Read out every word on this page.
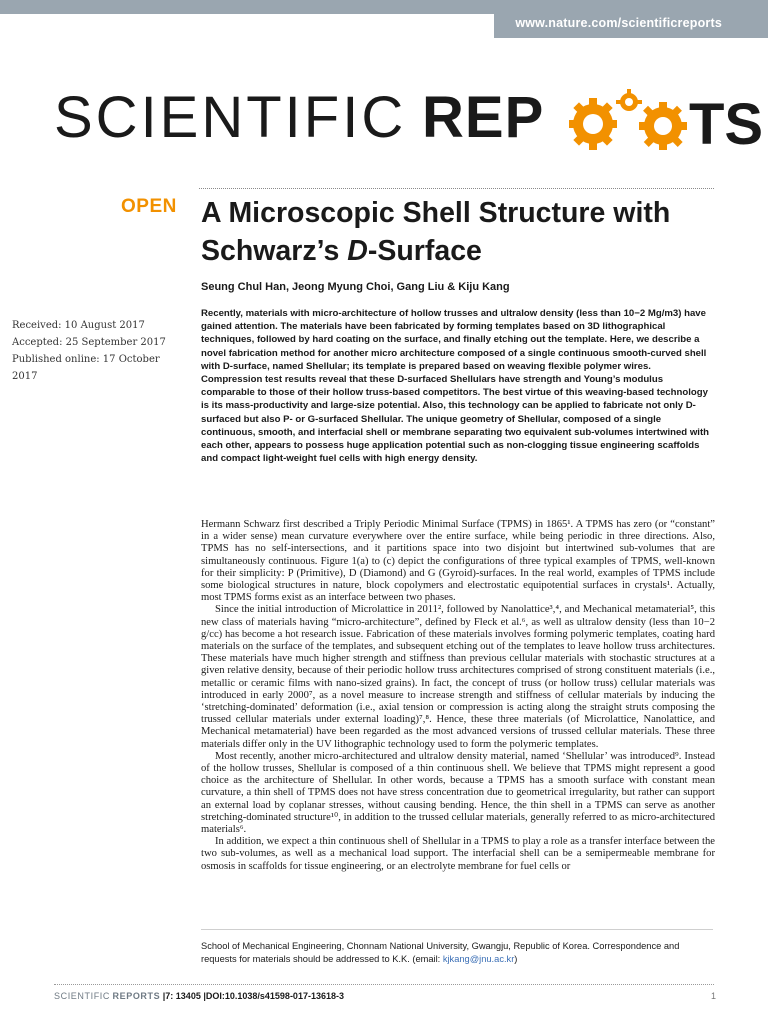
www.nature.com/scientificreports
SCIENTIFIC REP	TS
OPEN A Microscopic Shell Structure with
Schwarz’s D-Surface
Seung Chul Han, Jeong Myung Choi, Gang Liu & Kiju Kang
Received: 10 August 2017
Accepted: 25 September 2017
Published online: 17 October 2017
Recently, materials with micro-architecture of hollow trusses and ultralow density (less than 10−2 Mg/m3) have gained attention. The materials have been fabricated by forming templates based on 3D lithographical techniques, followed by hard coating on the surface, and finally etching out the template. Here, we describe a novel fabrication method for another micro architecture composed of a single continuous smooth-curved shell with D-surface, named Shellular; its template is prepared based on weaving flexible polymer wires. Compression test results reveal that these D-surfaced Shellulars have strength and Young’s modulus comparable to those of their hollow truss-based competitors. The best virtue of this weaving-based technology is its mass-productivity and large-size potential. Also, this technology can be applied to fabricate not only D-surfaced but also P- or G-surfaced Shellular. The unique geometry of Shellular, composed of a single continuous, smooth, and interfacial shell or membrane separating two equivalent sub-volumes intertwined with each other, appears to possess huge application potential such as non-clogging tissue engineering scaffolds and compact light-weight fuel cells with high energy density.

Hermann Schwarz first described a Triply Periodic Minimal Surface (TPMS) in 1865¹. A TPMS has zero (or “constant” in a wider sense) mean curvature everywhere over the entire surface, while being periodic in three directions. Also, TPMS has no self-intersections, and it partitions space into two disjoint but intertwined sub-volumes that are simultaneously continuous. Figure 1(a) to (c) depict the configurations of three typical examples of TPMS, well-known for their simplicity: P (Primitive), D (Diamond) and G (Gyroid)-surfaces. In the real world, examples of TPMS include some biological structures in nature, block copolymers and electrostatic equipotential surfaces in crystals¹. Actually, most TPMS forms exist as an interface between two phases.

Since the initial introduction of Microlattice in 2011², followed by Nanolattice³,⁴, and Mechanical metamaterial⁵, this new class of materials having “micro-architecture”, defined by Fleck et al.⁶, as well as ultralow density (less than 10−2 g/cc) has become a hot research issue. Fabrication of these materials involves forming polymeric templates, coating hard materials on the surface of the templates, and subsequent etching out of the templates to leave hollow truss architectures. These materials have much higher strength and stiffness than previous cellular materials with stochastic structures at a given relative density, because of their periodic hollow truss architectures comprised of strong constituent materials (i.e., metallic or ceramic films with nano-sized grains). In fact, the concept of truss (or hollow truss) cellular materials was introduced in early 2000⁷, as a novel measure to increase strength and stiffness of cellular materials by inducing the ‘stretching-dominated’ deformation (i.e., axial tension or compression is acting along the straight struts composing the trussed cellular materials under external loading)⁷,⁸. Hence, these three materials (of Microlattice, Nanolattice, and Mechanical metamaterial) have been regarded as the most advanced versions of trussed cellular materials. These three materials differ only in the UV lithographic technology used to form the polymeric templates.

Most recently, another micro-architectured and ultralow density material, named ‘Shellular’ was introduced⁹. Instead of the hollow trusses, Shellular is composed of a thin continuous shell. We believe that TPMS might represent a good choice as the architecture of Shellular. In other words, because a TPMS has a smooth surface with constant mean curvature, a thin shell of TPMS does not have stress concentration due to geometrical irregularity, but rather can support an external load by coplanar stresses, without causing bending. Hence, the thin shell in a TPMS can serve as another stretching-dominated structure¹⁰, in addition to the trussed cellular materials, generally referred to as micro-architectured materials⁶.

In addition, we expect a thin continuous shell of Shellular in a TPMS to play a role as a transfer interface between the two sub-volumes, as well as a mechanical load support. The interfacial shell can be a semipermeable membrane for osmosis in scaffolds for tissue engineering, or an electrolyte membrane for fuel cells or

School of Mechanical Engineering, Chonnam National University, Gwangju, Republic of Korea. Correspondence and requests for materials should be addressed to K.K. (email: kjkang@jnu.ac.kr)
SCIENTIFIC REPORTS |7: 13405 |DOI:10.1038/s41598-017-13618-3	1
